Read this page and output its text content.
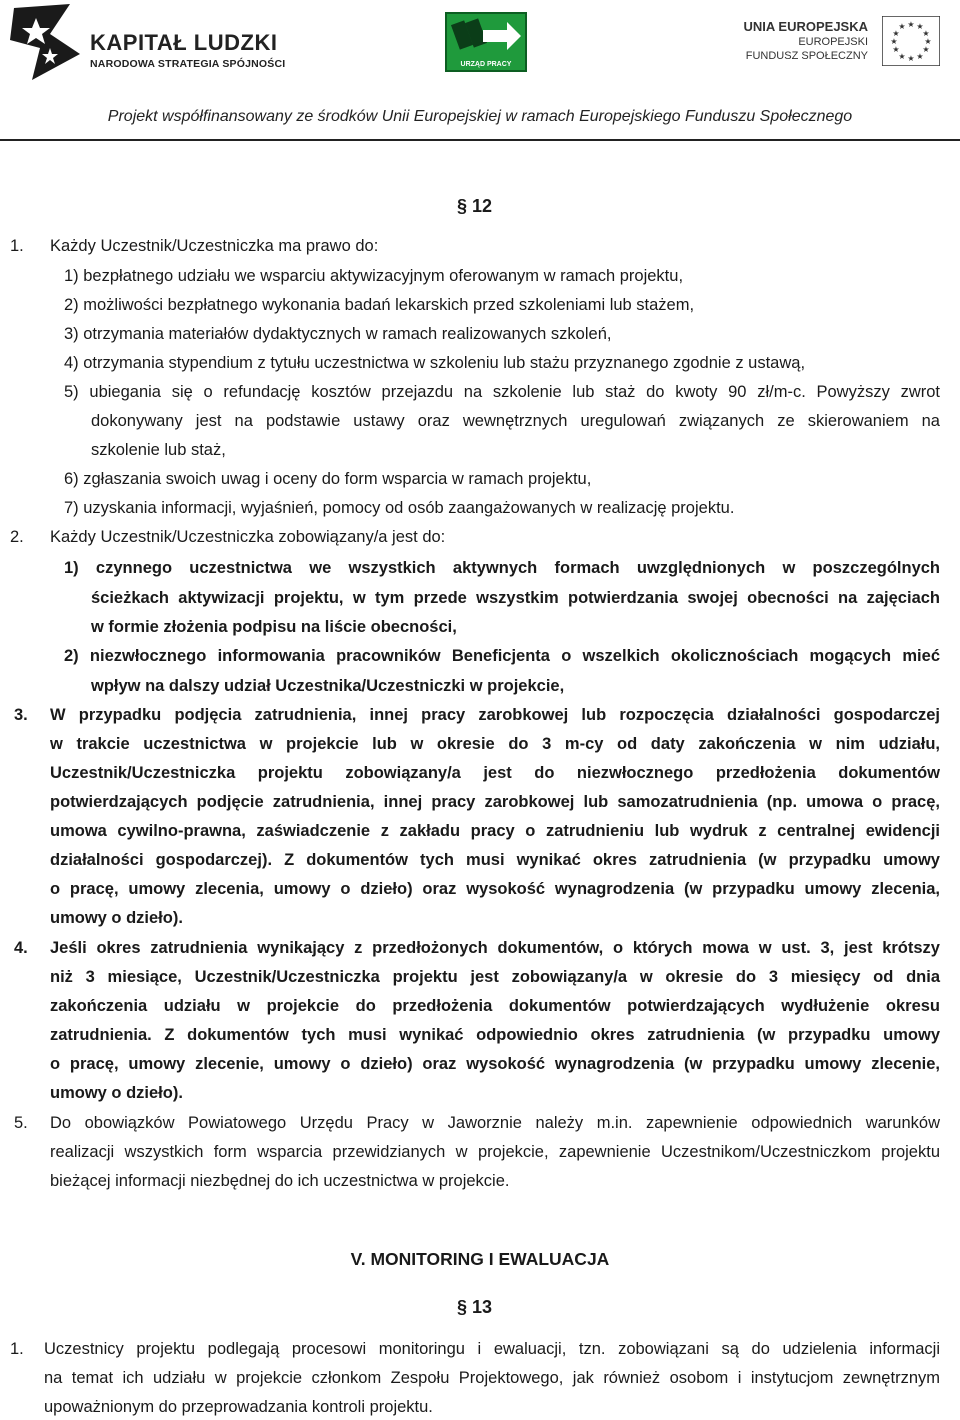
KAPITAŁ LUDZKI
NARODOWA STRATEGIA SPÓJNOŚCI	URZĄD PRACY
UNIA EUROPEJSKA
EUROPEJSKI
FUNDUSZ SPOŁECZNY
★ ★
★
★
★
★
★
★
★
★
★
★
Projekt współfinansowany ze środków Unii Europejskiej w ramach Europejskiego Funduszu Społecznego
§ 12
1. Każdy Uczestnik/Uczestniczka ma prawo do:
1) bezpłatnego udziału we wsparciu aktywizacyjnym oferowanym w ramach projektu,
2) możliwości bezpłatnego wykonania badań lekarskich przed szkoleniami lub stażem,
3) otrzymania materiałów dydaktycznych w ramach realizowanych szkoleń,
4) otrzymania stypendium z tytułu uczestnictwa w szkoleniu lub stażu przyznanego zgodnie z ustawą,
5) ubiegania się o refundację kosztów przejazdu na szkolenie lub staż do kwoty 90 zł/m-c. Powyższy zwrot
dokonywany jest na podstawie ustawy oraz wewnętrznych uregulowań związanych ze skierowaniem na
szkolenie lub staż,
6) zgłaszania swoich uwag i oceny do form wsparcia w ramach projektu,
7) uzyskania informacji, wyjaśnień, pomocy od osób zaangażowanych w realizację projektu.
2. Każdy Uczestnik/Uczestniczka zobowiązany/a jest do:
1) czynnego uczestnictwa we wszystkich aktywnych formach uwzględnionych w poszczególnych
ścieżkach aktywizacji projektu, w tym przede wszystkim potwierdzania swojej obecności na zajęciach
w formie złożenia podpisu na liście obecności,
2) niezwłocznego informowania pracowników Beneficjenta o wszelkich okolicznościach mogących mieć
wpływ na dalszy udział Uczestnika/Uczestniczki w projekcie,
3. W przypadku podjęcia zatrudnienia, innej pracy zarobkowej lub rozpoczęcia działalności gospodarczej
w trakcie uczestnictwa w projekcie lub w okresie do 3 m-cy od daty zakończenia w nim udziału,
Uczestnik/Uczestniczka projektu zobowiązany/a jest do niezwłocznego przedłożenia dokumentów
potwierdzających podjęcie zatrudnienia, innej pracy zarobkowej lub samozatrudnienia (np. umowa o pracę,
umowa cywilno-prawna, zaświadczenie z zakładu pracy o zatrudnieniu lub wydruk z centralnej ewidencji
działalności gospodarczej). Z dokumentów tych musi wynikać okres zatrudnienia (w przypadku umowy
o pracę, umowy zlecenia, umowy o dzieło) oraz wysokość wynagrodzenia (w przypadku umowy zlecenia,
umowy o dzieło).
4. Jeśli okres zatrudnienia wynikający z przedłożonych dokumentów, o których mowa w ust. 3, jest krótszy
niż 3 miesiące, Uczestnik/Uczestniczka projektu jest zobowiązany/a w okresie do 3 miesięcy od dnia
zakończenia udziału w projekcie do przedłożenia dokumentów potwierdzających wydłużenie okresu
zatrudnienia. Z dokumentów tych musi wynikać odpowiednio okres zatrudnienia (w przypadku umowy
o pracę, umowy zlecenie, umowy o dzieło) oraz wysokość wynagrodzenia (w przypadku umowy zlecenie,
umowy o dzieło).
5. Do obowiązków Powiatowego Urzędu Pracy w Jaworznie należy m.in. zapewnienie odpowiednich warunków
realizacji wszystkich form wsparcia przewidzianych w projekcie, zapewnienie Uczestnikom/Uczestniczkom projektu
bieżącej informacji niezbędnej do ich uczestnictwa w projekcie.
V. MONITORING I EWALUACJA
§ 13
1. Uczestnicy projektu podlegają procesowi monitoringu i ewaluacji, tzn. zobowiązani są do udzielenia informacji
na temat ich udziału w projekcie członkom Zespołu Projektowego, jak również osobom i instytucjom zewnętrznym
upoważnionym do przeprowadzania kontroli projektu.
